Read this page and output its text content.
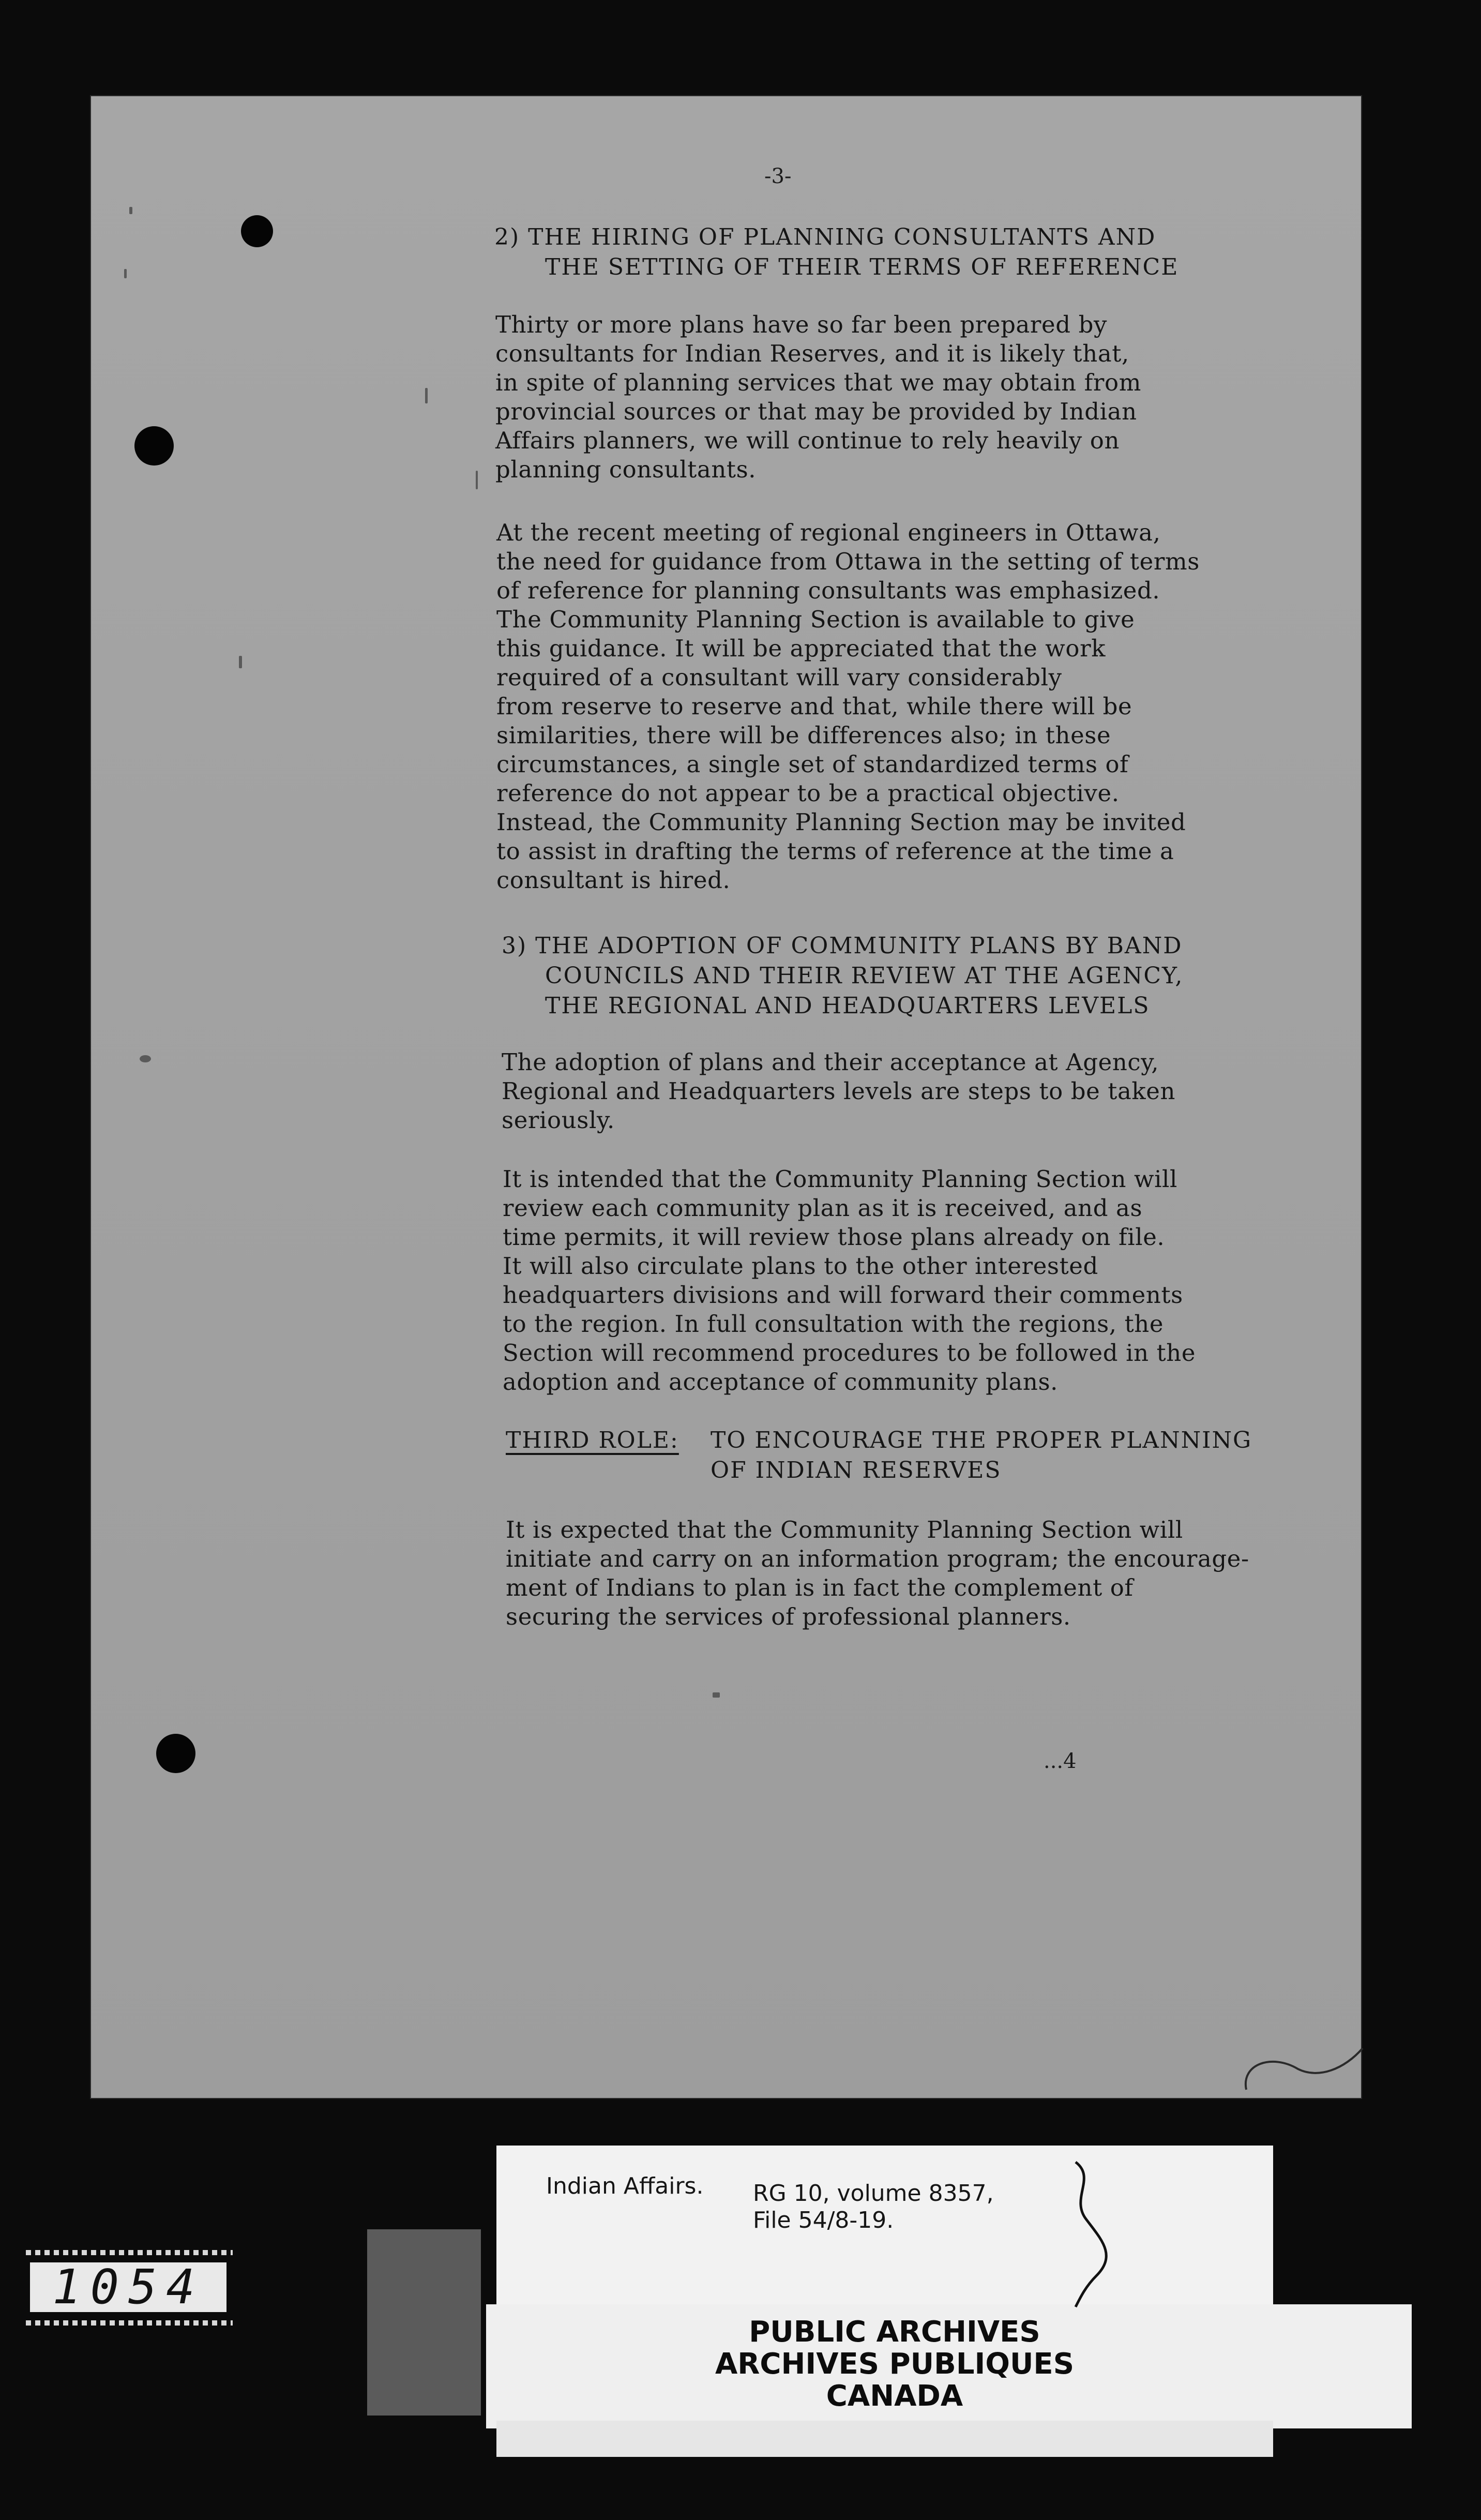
-3-
2) THE HIRING OF PLANNING CONSULTANTS AND
THE SETTING OF THEIR TERMS OF REFERENCE
Thirty or more plans have so far been prepared by
consultants for Indian Reserves, and it is likely that,
in spite of planning services that we may obtain from
provincial sources or that may be provided by Indian
Affairs planners, we will continue to rely heavily on
planning consultants.
At the recent meeting of regional engineers in Ottawa,
the need for guidance from Ottawa in the setting of terms
of reference for planning consultants was emphasized.
The Community Planning Section is available to give
this guidance. It will be appreciated that the work
required of a consultant will vary considerably
from reserve to reserve and that, while there will be
similarities, there will be differences also; in these
circumstances, a single set of standardized terms of
reference do not appear to be a practical objective.
Instead, the Community Planning Section may be invited
to assist in drafting the terms of reference at the time a
consultant is hired.
3) THE ADOPTION OF COMMUNITY PLANS BY BAND
COUNCILS AND THEIR REVIEW AT THE AGENCY,
THE REGIONAL AND HEADQUARTERS LEVELS
The adoption of plans and their acceptance at Agency,
Regional and Headquarters levels are steps to be taken
seriously.
It is intended that the Community Planning Section will
review each community plan as it is received, and as
time permits, it will review those plans already on file.
It will also circulate plans to the other interested
headquarters divisions and will forward their comments
to the region. In full consultation with the regions, the
Section will recommend procedures to be followed in the
adoption and acceptance of community plans.
THIRD ROLE: TO ENCOURAGE THE PROPER PLANNING
OF INDIAN RESERVES
It is expected that the Community Planning Section will
initiate and carry on an information program; the encourage-
ment of Indians to plan is in fact the complement of
securing the services of professional planners.
...4
Indian Affairs. RG 10, volume 8357,
File 54/8-19.
PUBLIC ARCHIVES
ARCHIVES PUBLIQUES
CANADA
1054
